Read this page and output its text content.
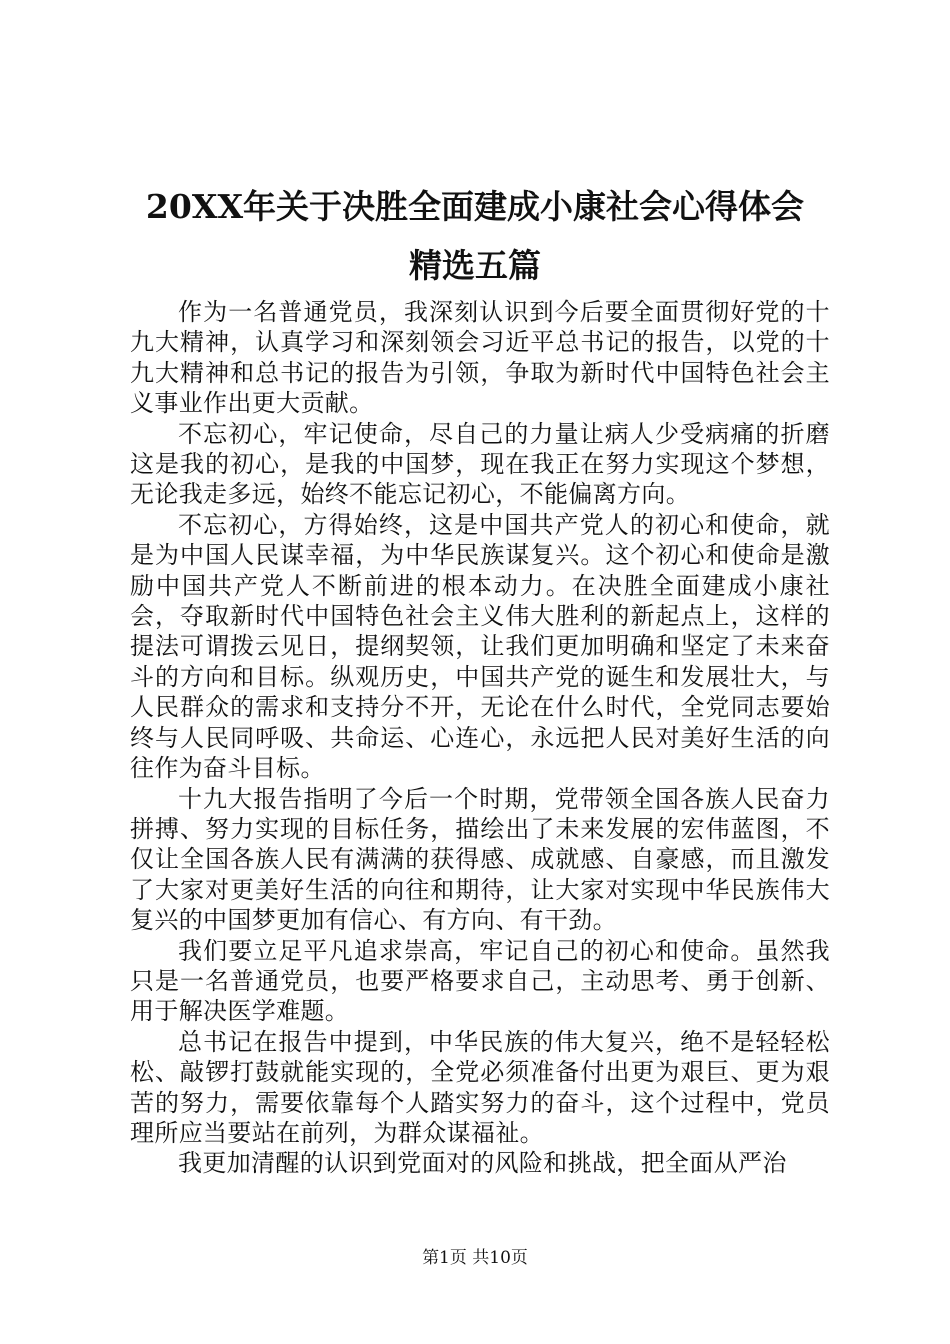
20XX年关于决胜全面建成小康社会心得体会
精选五篇

作为一名普通党员，我深刻认识到今后要全面贯彻好党的十九大精神，认真学习和深刻领会习近平总书记的报告，以党的十九大精神和总书记的报告为引领，争取为新时代中国特色社会主义事业作出更大贡献。

不忘初心，牢记使命，尽自己的力量让病人少受病痛的折磨这是我的初心，是我的中国梦，现在我正在努力实现这个梦想，无论我走多远，始终不能忘记初心，不能偏离方向。

不忘初心，方得始终，这是中国共产党人的初心和使命，就是为中国人民谋幸福，为中华民族谋复兴。这个初心和使命是激励中国共产党人不断前进的根本动力。在决胜全面建成小康社会，夺取新时代中国特色社会主义伟大胜利的新起点上，这样的提法可谓拨云见日，提纲契领，让我们更加明确和坚定了未来奋斗的方向和目标。纵观历史，中国共产党的诞生和发展壮大，与人民群众的需求和支持分不开，无论在什么时代，全党同志要始终与人民同呼吸、共命运、心连心，永远把人民对美好生活的向往作为奋斗目标。

十九大报告指明了今后一个时期，党带领全国各族人民奋力拼搏、努力实现的目标任务，描绘出了未来发展的宏伟蓝图，不仅让全国各族人民有满满的获得感、成就感、自豪感，而且激发了大家对更美好生活的向往和期待，让大家对实现中华民族伟大复兴的中国梦更加有信心、有方向、有干劲。

我们要立足平凡追求崇高，牢记自己的初心和使命。虽然我只是一名普通党员，也要严格要求自己，主动思考、勇于创新、用于解决医学难题。

总书记在报告中提到，中华民族的伟大复兴，绝不是轻轻松松、敲锣打鼓就能实现的，全党必须准备付出更为艰巨、更为艰苦的努力，需要依靠每个人踏实努力的奋斗，这个过程中，党员理所应当要站在前列，为群众谋福祉。

我更加清醒的认识到党面对的风险和挑战，把全面从严治

第1页 共10页
